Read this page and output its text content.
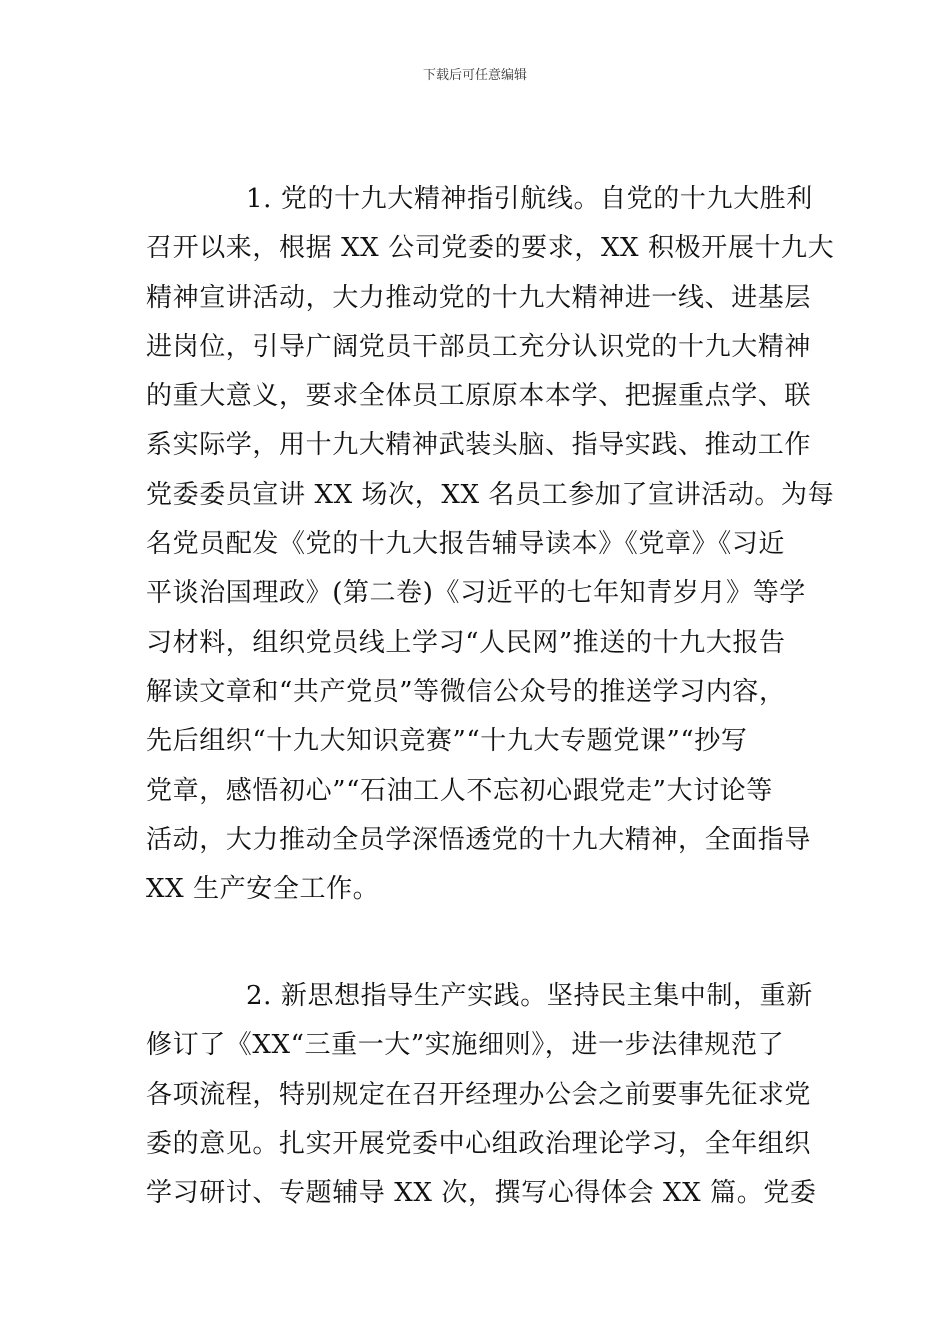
下载后可任意编辑
1. 党的十九大精神指引航线。自党的十九大胜利
召开以来，根据 XX 公司党委的要求，XX 积极开展十九大
精神宣讲活动，大力推动党的十九大精神进一线、进基层
进岗位，引导广阔党员干部员工充分认识党的十九大精神
的重大意义，要求全体员工原原本本学、把握重点学、联
系实际学，用十九大精神武装头脑、指导实践、推动工作
党委委员宣讲 XX 场次，XX 名员工参加了宣讲活动。为每
名党员配发《党的十九大报告辅导读本》《党章》《习近
平谈治国理政》(第二卷)《习近平的七年知青岁月》等学
习材料，组织党员线上学习“人民网”推送的十九大报告
解读文章和“共产党员”等微信公众号的推送学习内容，
先后组织“十九大知识竞赛”“十九大专题党课”“抄写
党章，感悟初心”“石油工人不忘初心跟党走”大讨论等
活动，大力推动全员学深悟透党的十九大精神，全面指导
XX 生产安全工作。
2. 新思想指导生产实践。坚持民主集中制，重新
修订了《XX“三重一大”实施细则》，进一步法律规范了
各项流程，特别规定在召开经理办公会之前要事先征求党
委的意见。扎实开展党委中心组政治理论学习，全年组织
学习研讨、专题辅导 XX 次，撰写心得体会 XX 篇。党委
